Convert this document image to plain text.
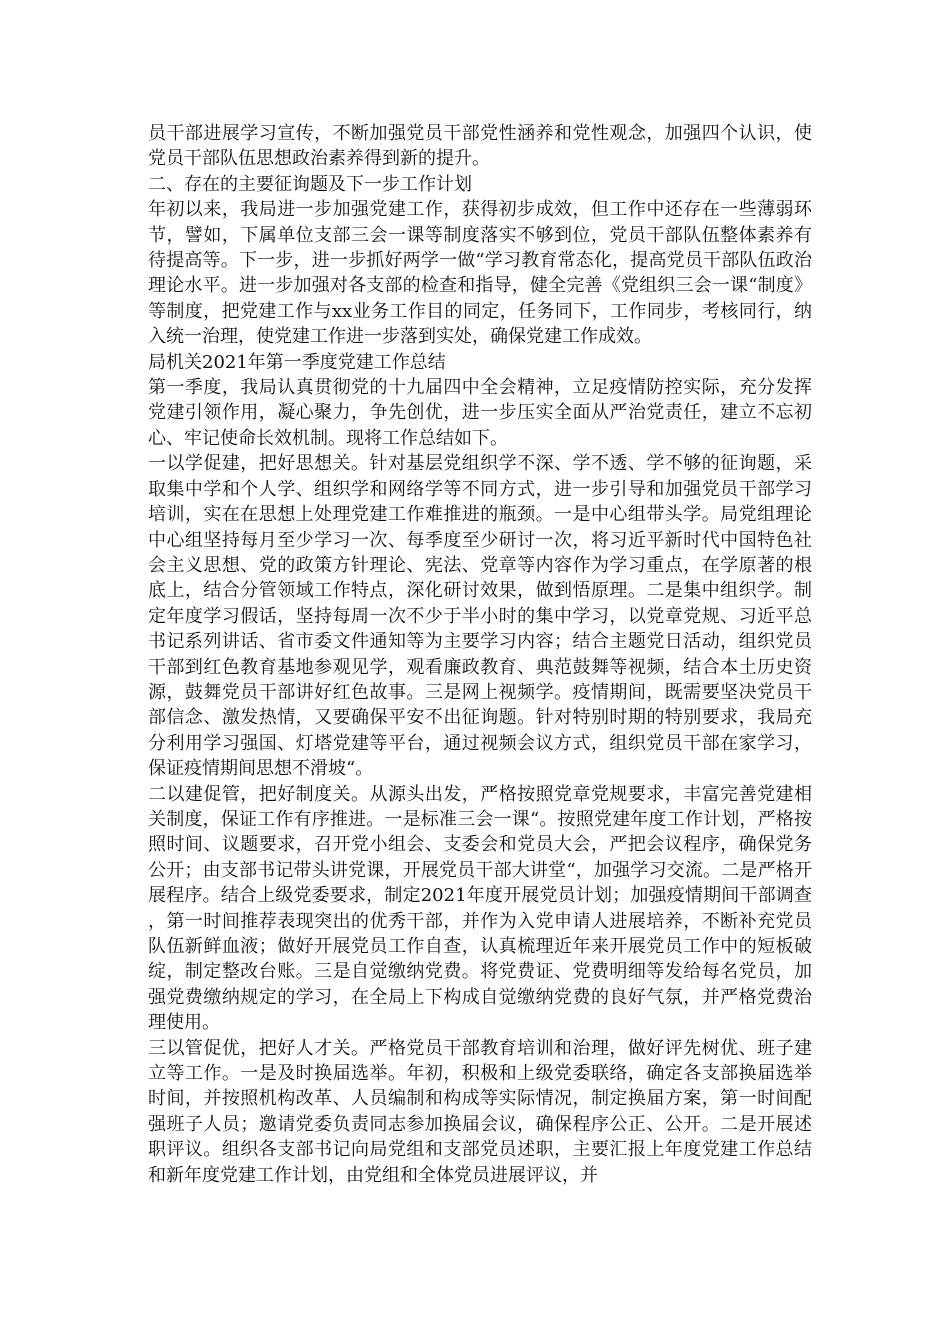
员干部进展学习宣传，不断加强党员干部党性涵养和党性观念，加强四个认识，使党员干部队伍思想政治素养得到新的提升。

二、存在的主要征询题及下一步工作计划

年初以来，我局进一步加强党建工作，获得初步成效，但工作中还存在一些薄弱环节，譬如，下属单位支部三会一课等制度落实不够到位，党员干部队伍整体素养有待提高等。下一步，进一步抓好两学一做“学习教育常态化，提高党员干部队伍政治理论水平。进一步加强对各支部的检查和指导，健全完善《党组织三会一课“制度》等制度，把党建工作与xx业务工作目的同定，任务同下，工作同步，考核同行，纳入统一治理，使党建工作进一步落到实处，确保党建工作成效。

局机关2021年第一季度党建工作总结

第一季度，我局认真贯彻党的十九届四中全会精神，立足疫情防控实际，充分发挥党建引领作用，凝心聚力，争先创优，进一步压实全面从严治党责任，建立不忘初心、牢记使命长效机制。现将工作总结如下。

一以学促建，把好思想关。针对基层党组织学不深、学不透、学不够的征询题，采取集中学和个人学、组织学和网络学等不同方式，进一步引导和加强党员干部学习培训，实在在思想上处理党建工作难推进的瓶颈。一是中心组带头学。局党组理论中心组坚持每月至少学习一次、每季度至少研讨一次，将习近平新时代中国特色社会主义思想、党的政策方针理论、宪法、党章等内容作为学习重点，在学原著的根底上，结合分管领域工作特点，深化研讨效果，做到悟原理。二是集中组织学。制定年度学习假话，坚持每周一次不少于半小时的集中学习，以党章党规、习近平总书记系列讲话、省市委文件通知等为主要学习内容；结合主题党日活动，组织党员干部到红色教育基地参观见学，观看廉政教育、典范鼓舞等视频，结合本土历史资源，鼓舞党员干部讲好红色故事。三是网上视频学。疫情期间，既需要坚决党员干部信念、激发热情，又要确保平安不出征询题。针对特别时期的特别要求，我局充分利用学习强国、灯塔党建等平台，通过视频会议方式，组织党员干部在家学习，保证疫情期间思想不滑坡“。

二以建促管，把好制度关。从源头出发，严格按照党章党规要求，丰富完善党建相关制度，保证工作有序推进。一是标准三会一课“。按照党建年度工作计划，严格按照时间、议题要求，召开党小组会、支委会和党员大会，严把会议程序，确保党务公开；由支部书记带头讲党课，开展党员干部大讲堂“，加强学习交流。二是严格开展程序。结合上级党委要求，制定2021年度开展党员计划；加强疫情期间干部调查，第一时间推荐表现突出的优秀干部，并作为入党申请人进展培养，不断补充党员队伍新鲜血液；做好开展党员工作自查，认真梳理近年来开展党员工作中的短板破绽，制定整改台账。三是自觉缴纳党费。将党费证、党费明细等发给每名党员，加强党费缴纳规定的学习，在全局上下构成自觉缴纳党费的良好气氛，并严格党费治理使用。

三以管促优，把好人才关。严格党员干部教育培训和治理，做好评先树优、班子建立等工作。一是及时换届选举。年初，积极和上级党委联络，确定各支部换届选举时间，并按照机构改革、人员编制和构成等实际情况，制定换届方案，第一时间配强班子人员；邀请党委负责同志参加换届会议，确保程序公正、公开。二是开展述职评议。组织各支部书记向局党组和支部党员述职，主要汇报上年度党建工作总结和新年度党建工作计划，由党组和全体党员进展评议，并
